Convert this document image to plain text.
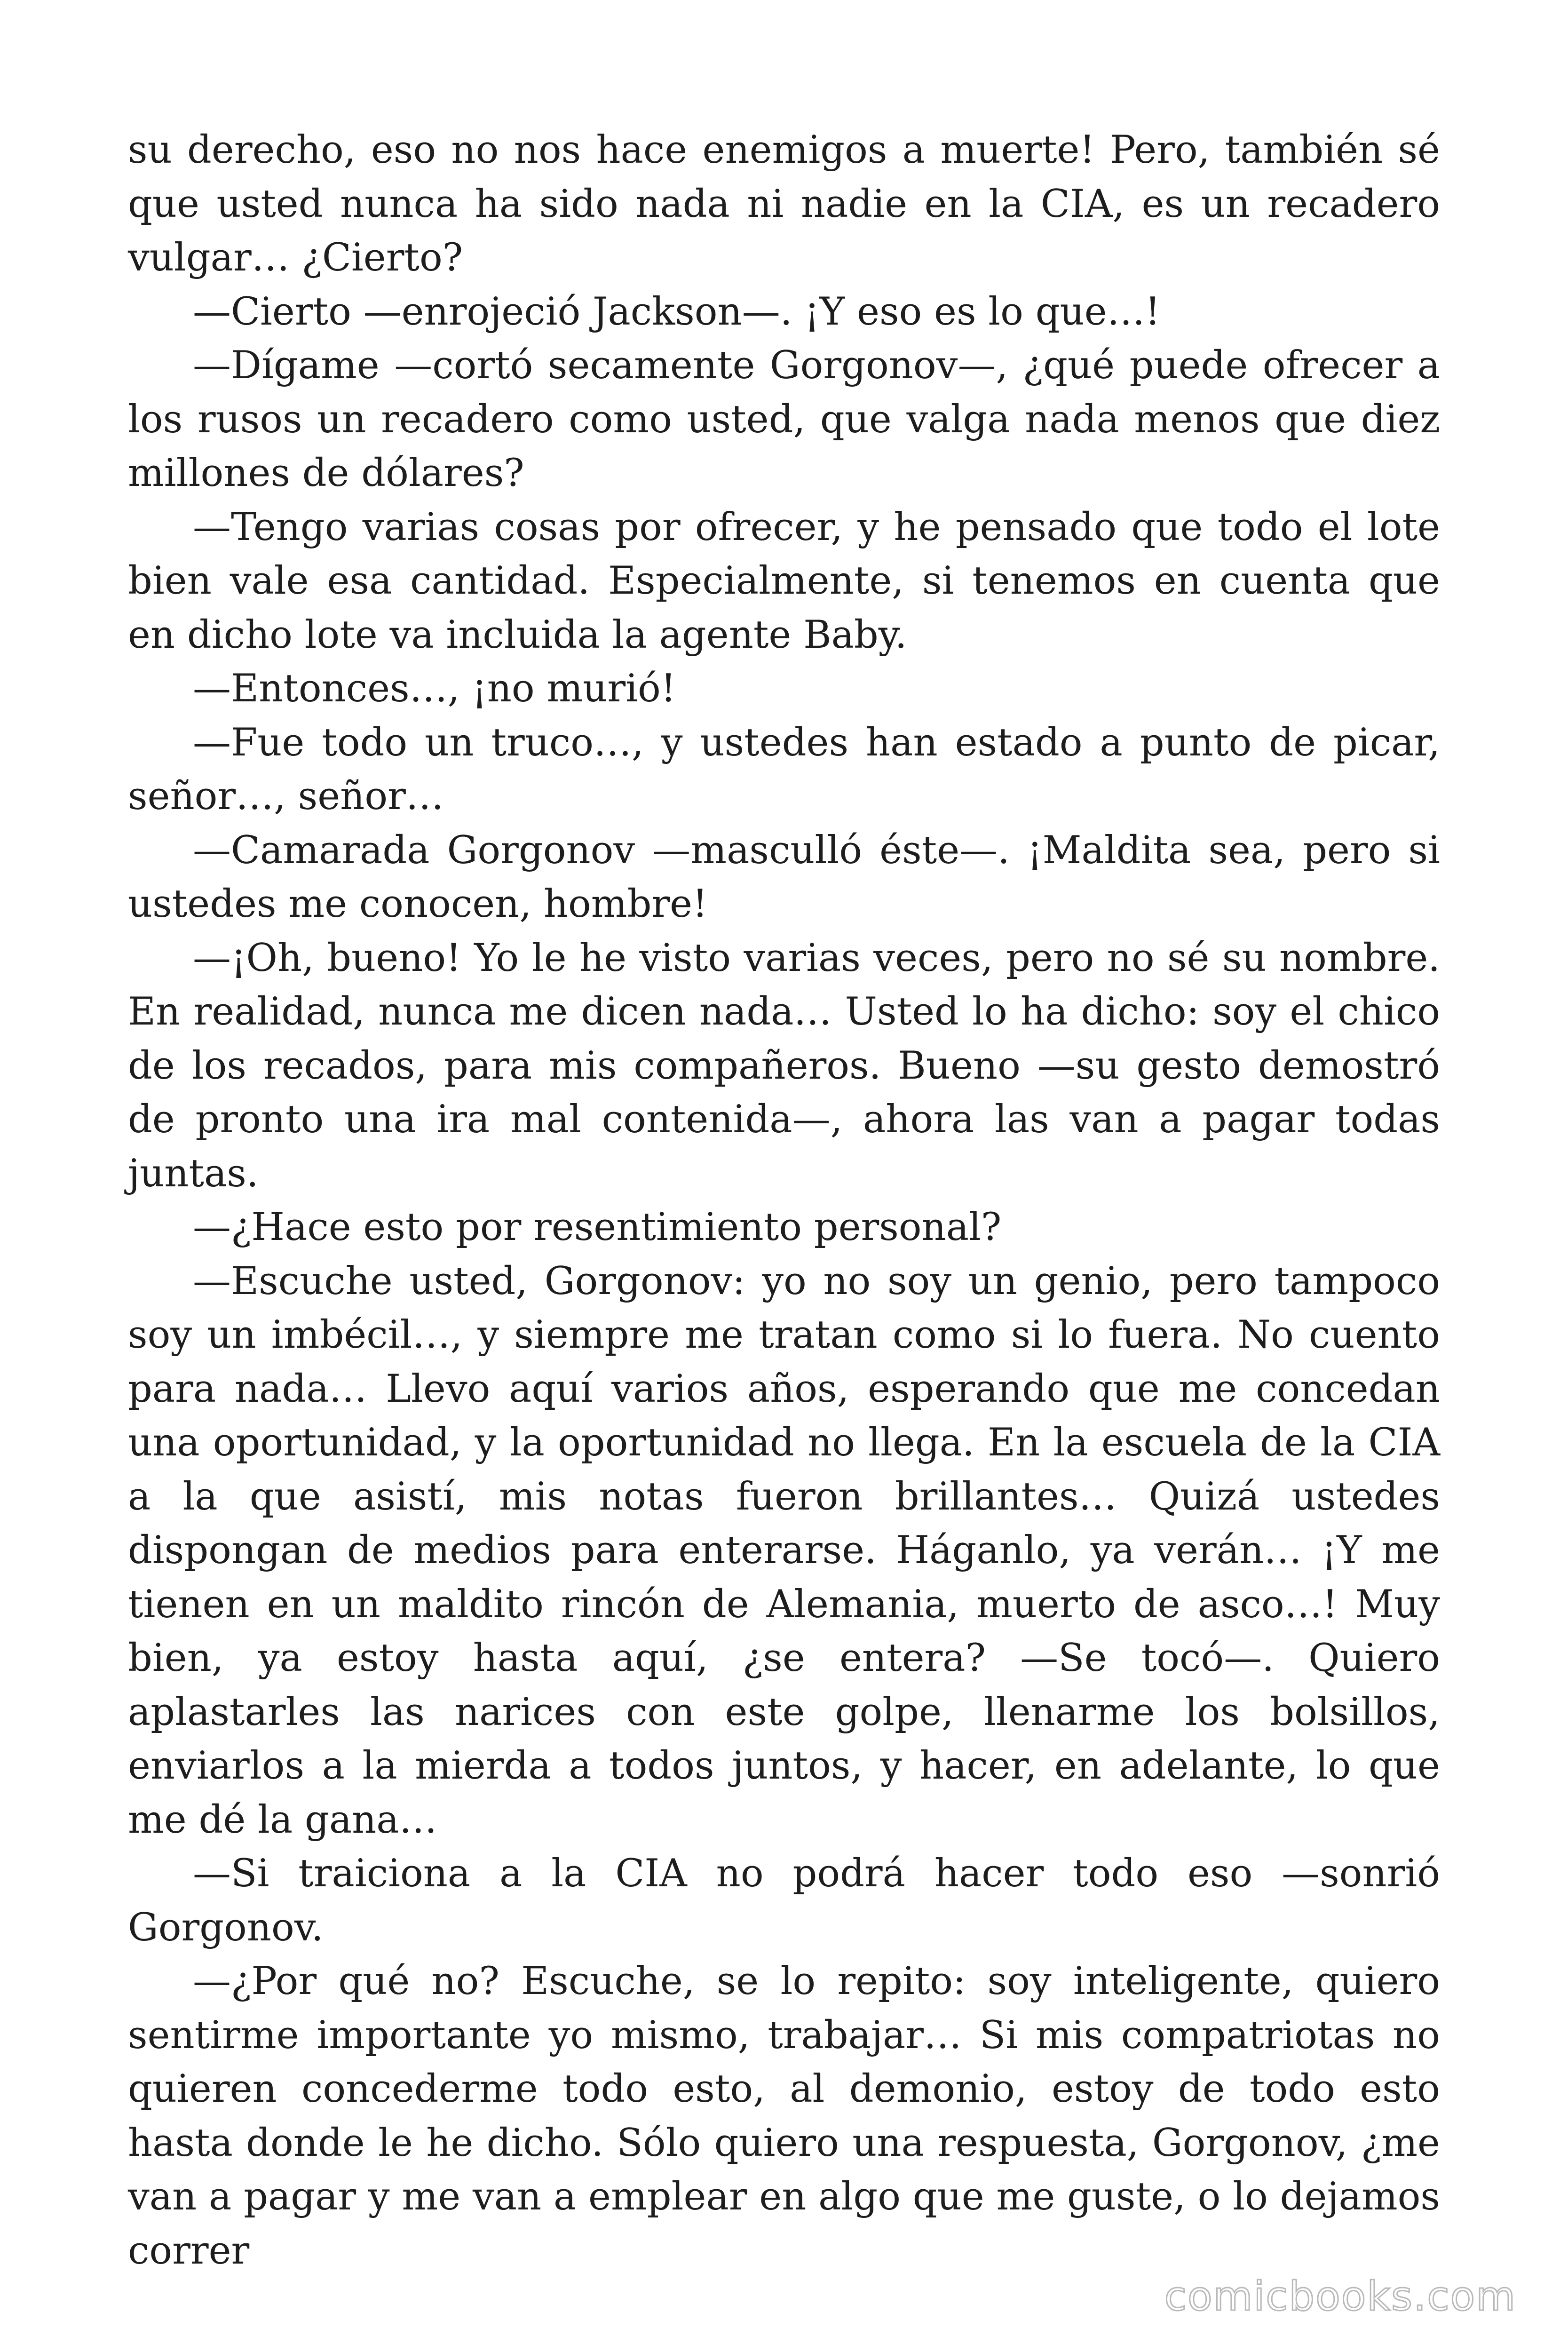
su derecho, eso no nos hace enemigos a muerte! Pero, también sé que usted nunca ha sido nada ni nadie en la CIA, es un recadero vulgar… ¿Cierto?

—Cierto —enrojeció Jackson—. ¡Y eso es lo que…!

—Dígame —cortó secamente Gorgonov—, ¿qué puede ofrecer a los rusos un recadero como usted, que valga nada menos que diez millones de dólares?

—Tengo varias cosas por ofrecer, y he pensado que todo el lote bien vale esa cantidad. Especialmente, si tenemos en cuenta que en dicho lote va incluida la agente Baby.

—Entonces…, ¡no murió!

—Fue todo un truco…, y ustedes han estado a punto de picar, señor…, señor…

—Camarada Gorgonov —masculló éste—. ¡Maldita sea, pero si ustedes me conocen, hombre!

—¡Oh, bueno! Yo le he visto varias veces, pero no sé su nombre. En realidad, nunca me dicen nada… Usted lo ha dicho: soy el chico de los recados, para mis compañeros. Bueno —su gesto demostró de pronto una ira mal contenida—, ahora las van a pagar todas juntas.

—¿Hace esto por resentimiento personal?

—Escuche usted, Gorgonov: yo no soy un genio, pero tampoco soy un imbécil…, y siempre me tratan como si lo fuera. No cuento para nada… Llevo aquí varios años, esperando que me concedan una oportunidad, y la oportunidad no llega. En la escuela de la CIA a la que asistí, mis notas fueron brillantes… Quizá ustedes dispongan de medios para enterarse. Háganlo, ya verán… ¡Y me tienen en un maldito rincón de Alemania, muerto de asco…! Muy bien, ya estoy hasta aquí, ¿se entera? —Se tocó—. Quiero aplastarles las narices con este golpe, llenarme los bolsillos, enviarlos a la mierda a todos juntos, y hacer, en adelante, lo que me dé la gana…

—Si traiciona a la CIA no podrá hacer todo eso —sonrió Gorgonov.

—¿Por qué no? Escuche, se lo repito: soy inteligente, quiero sentirme importante yo mismo, trabajar… Si mis compatriotas no quieren concederme todo esto, al demonio, estoy de todo esto hasta donde le he dicho. Sólo quiero una respuesta, Gorgonov, ¿me van a pagar y me van a emplear en algo que me guste, o lo dejamos correr

comicbooks.com
